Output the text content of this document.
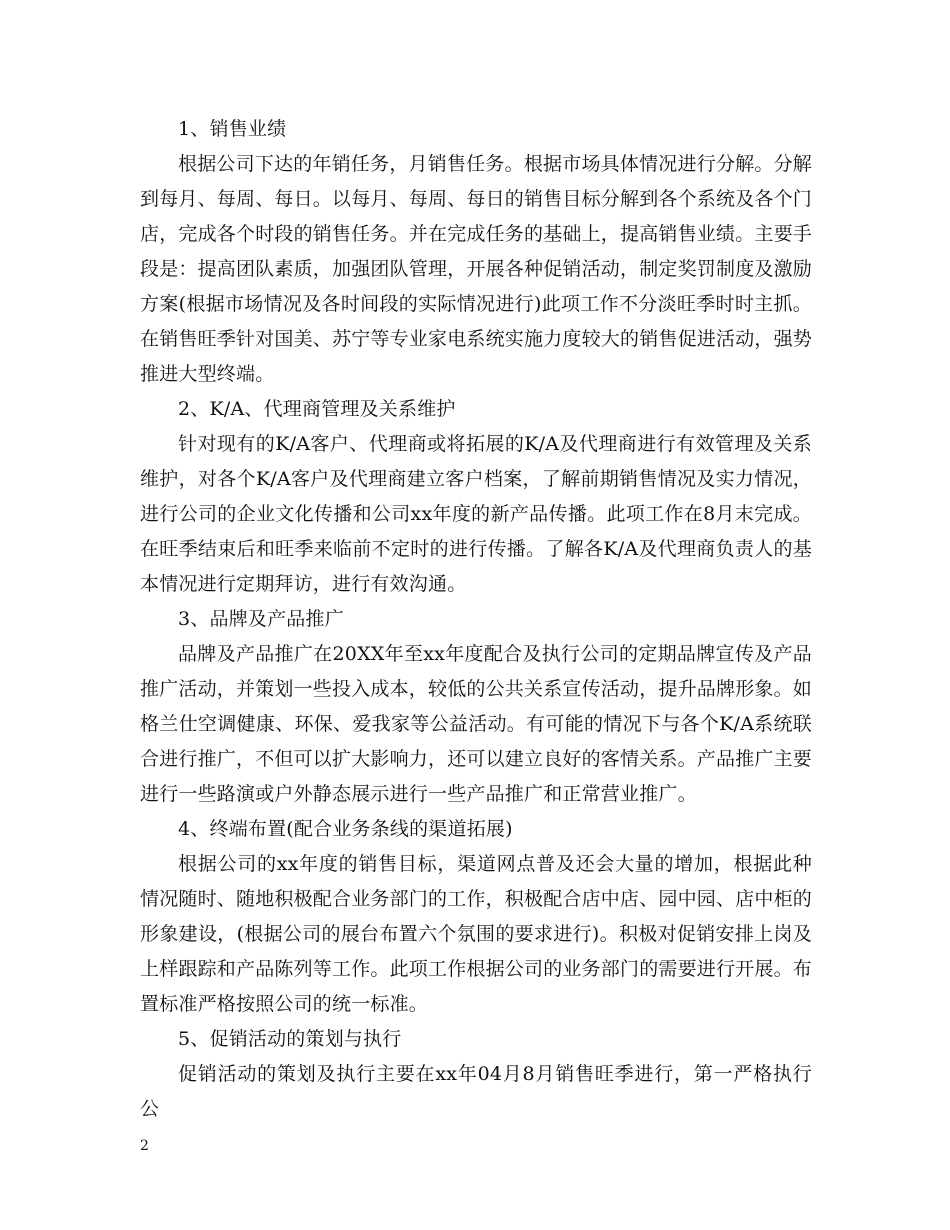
1、销售业绩

根据公司下达的年销任务，月销售任务。根据市场具体情况进行分解。分解到每月、每周、每日。以每月、每周、每日的销售目标分解到各个系统及各个门店，完成各个时段的销售任务。并在完成任务的基础上，提高销售业绩。主要手段是：提高团队素质，加强团队管理，开展各种促销活动，制定奖罚制度及激励方案(根据市场情况及各时间段的实际情况进行)此项工作不分淡旺季时时主抓。在销售旺季针对国美、苏宁等专业家电系统实施力度较大的销售促进活动，强势推进大型终端。

2、K/A、代理商管理及关系维护

针对现有的K/A客户、代理商或将拓展的K/A及代理商进行有效管理及关系维护，对各个K/A客户及代理商建立客户档案，了解前期销售情况及实力情况，进行公司的企业文化传播和公司xx年度的新产品传播。此项工作在8月末完成。在旺季结束后和旺季来临前不定时的进行传播。了解各K/A及代理商负责人的基本情况进行定期拜访，进行有效沟通。

3、品牌及产品推广

品牌及产品推广在20XX年至xx年度配合及执行公司的定期品牌宣传及产品推广活动，并策划一些投入成本，较低的公共关系宣传活动，提升品牌形象。如格兰仕空调健康、环保、爱我家等公益活动。有可能的情况下与各个K/A系统联合进行推广，不但可以扩大影响力，还可以建立良好的客情关系。产品推广主要进行一些路演或户外静态展示进行一些产品推广和正常营业推广。

4、终端布置(配合业务条线的渠道拓展)

根据公司的xx年度的销售目标，渠道网点普及还会大量的增加，根据此种情况随时、随地积极配合业务部门的工作，积极配合店中店、园中园、店中柜的形象建设，(根据公司的展台布置六个氛围的要求进行)。积极对促销安排上岗及上样跟踪和产品陈列等工作。此项工作根据公司的业务部门的需要进行开展。布置标准严格按照公司的统一标准。

5、促销活动的策划与执行

促销活动的策划及执行主要在xx年04月8月销售旺季进行，第一严格执行公

2
